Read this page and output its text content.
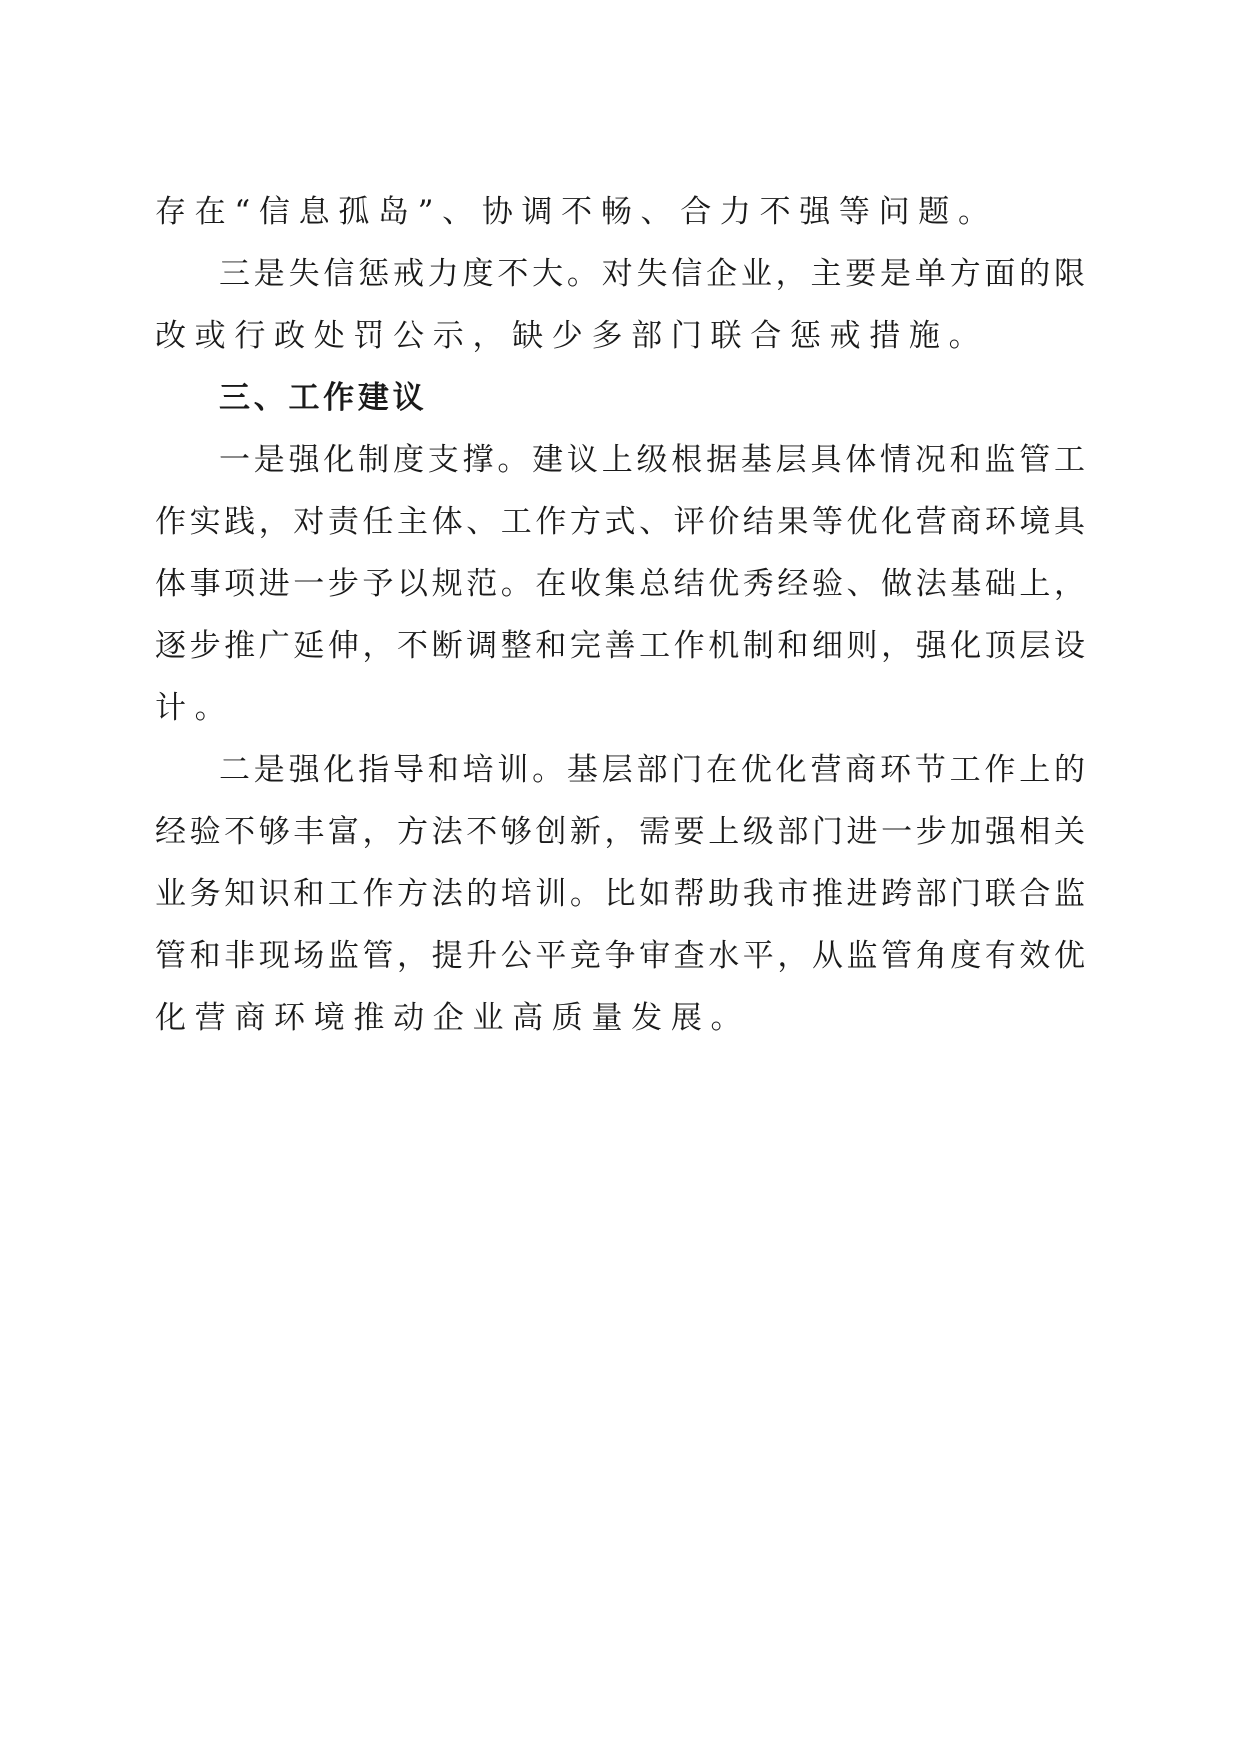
存在“信息孤岛”、协调不畅、合力不强等问题。
三是失信惩戒力度不大。对失信企业，主要是单方面的限
改或行政处罚公示，缺少多部门联合惩戒措施。
三、工作建议
一是强化制度支撑。建议上级根据基层具体情况和监管工
作实践，对责任主体、工作方式、评价结果等优化营商环境具
体事项进一步予以规范。在收集总结优秀经验、做法基础上，
逐步推广延伸，不断调整和完善工作机制和细则，强化顶层设
计。
二是强化指导和培训。基层部门在优化营商环节工作上的
经验不够丰富，方法不够创新，需要上级部门进一步加强相关
业务知识和工作方法的培训。比如帮助我市推进跨部门联合监
管和非现场监管，提升公平竞争审查水平，从监管角度有效优
化营商环境推动企业高质量发展。
